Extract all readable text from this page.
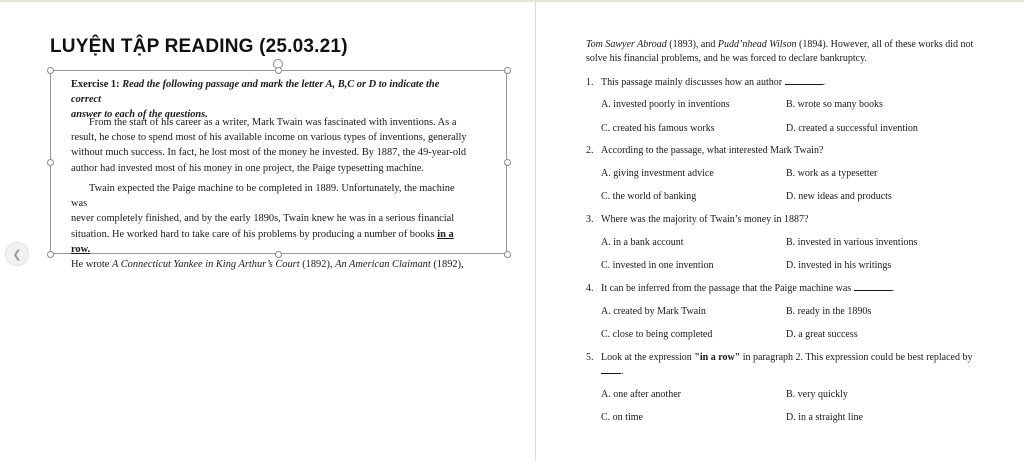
LUYỆN TẬP READING (25.03.21)
Exercise 1: Read the following passage and mark the letter A, B,C or D to indicate the correct
answer to each of the questions.
From the start of his career as a writer, Mark Twain was fascinated with inventions. As a
result, he chose to spend most of his available income on various types of inventions, generally
without much success. In fact, he lost most of the money he invested. By 1887, the 49-year-old
author had invested most of his money in one project, the Paige typesetting machine.
Twain expected the Paige machine to be completed in 1889. Unfortunately, the machine was
never completely finished, and by the early 1890s, Twain knew he was in a serious financial
situation. He worked hard to take care of his problems by producing a number of books in a row.
He wrote A Connecticut Yankee in King Arthur’s Court (1892), An American Claimant (1892),
❮
Tom Sawyer Abroad (1893), and Pudd’nhead Wilson (1894). However, all of these works did not
solve his financial problems, and he was forced to declare bankruptcy.
1. This passage mainly discusses how an author	.
A. invested poorly in inventions	B. wrote so many books
C. created his famous works	D. created a successful invention
2. According to the passage, what interested Mark Twain?
A. giving investment advice	B. work as a typesetter
C. the world of banking	D. new ideas and products
3. Where was the majority of Twain’s money in 1887?
A. in a bank account	B. invested in various inventions
C. invested in one invention	D. invested in his writings
4. It can be inferred from the passage that the Paige machine was	.
A. created by Mark Twain	B. ready in the 1890s
C. close to being completed	D. a great success
5. Look at the expression "in a row" in paragraph 2. This expression could be best replaced by
.
A. one after another	B. very quickly
C. on time	D. in a straight line
